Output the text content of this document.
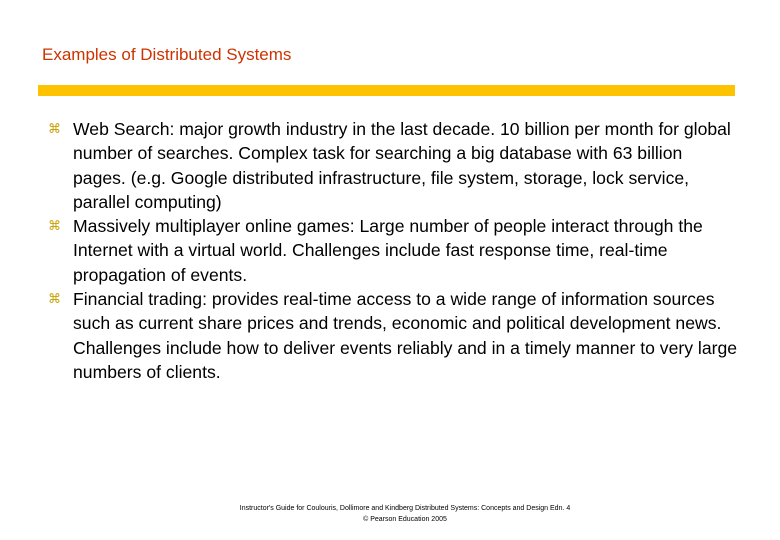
Examples of Distributed Systems
⌘ Web Search: major growth industry in the last decade. 10 billion per month for global number of searches. Complex task for searching a big database with 63 billion pages. (e.g. Google distributed infrastructure, file system, storage, lock service, parallel computing)
⌘ Massively multiplayer online games: Large number of people interact through the Internet with a virtual world. Challenges include fast response time, real-time propagation of events.
⌘ Financial trading: provides real-time access to a wide range of information sources such as current share prices and trends, economic and political development news. Challenges include how to deliver events reliably and in a timely manner to very large numbers of clients.
Instructor's Guide for Coulouris, Dollimore and Kindberg Distributed Systems: Concepts and Design Edn. 4
© Pearson Education 2005
